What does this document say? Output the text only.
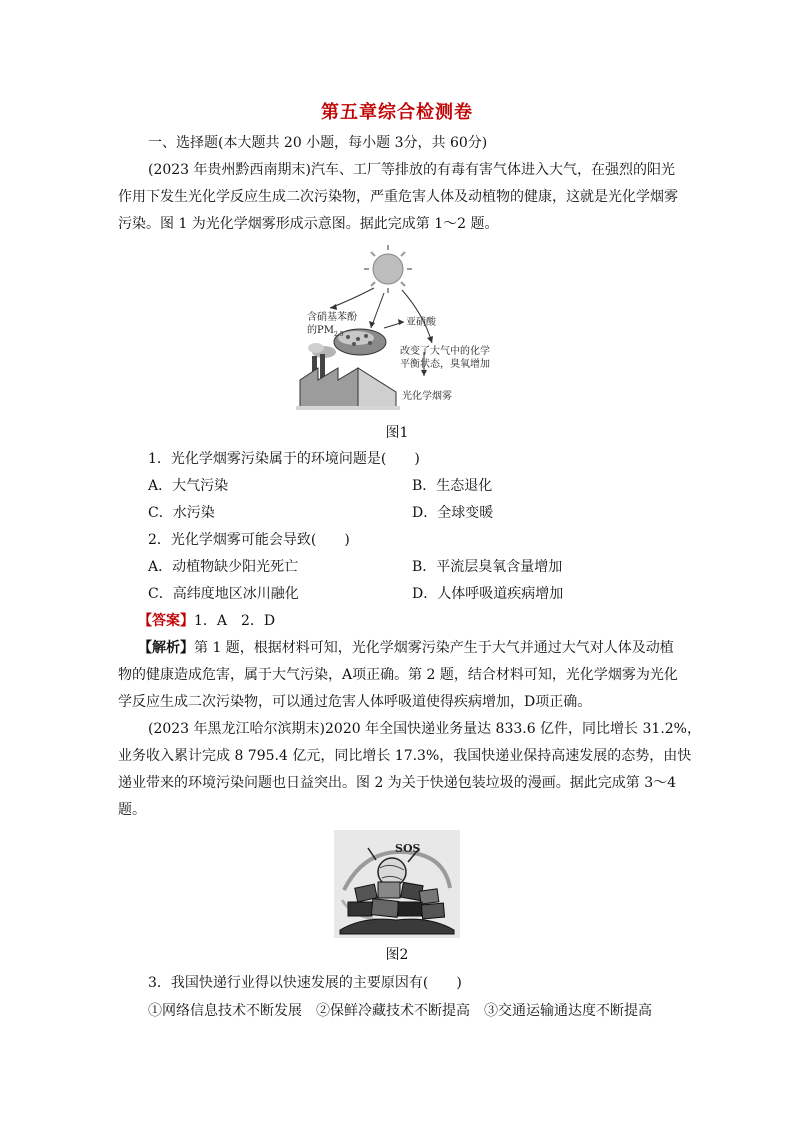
第五章综合检测卷
一、选择题(本大题共 20 小题，每小题 3分，共 60分)
(2023 年贵州黔西南期末)汽车、工厂等排放的有毒有害气体进入大气，在强烈的阳光
作用下发生光化学反应生成二次污染物，严重危害人体及动植物的健康，这就是光化学烟雾
污染。图 1 为光化学烟雾形成示意图。据此完成第 1～2 题。
含硝基苯酚
的$PM_{2.5}$
亚硝酸
改变了大气中的化学
平衡状态，臭氧增加
光化学烟雾
图1
1．光化学烟雾污染属于的环境问题是(　　)
A．大气污染	B．生态退化
C．水污染	D．全球变暖
2．光化学烟雾可能会导致(　　)
A．动植物缺少阳光死亡	B．平流层臭氧含量增加
C．高纬度地区冰川融化	D．人体呼吸道疾病增加
【答案】1．A　2．D
【解析】第 1 题，根据材料可知，光化学烟雾污染产生于大气并通过大气对人体及动植
物的健康造成危害，属于大气污染，A项正确。第 2 题，结合材料可知，光化学烟雾为光化
学反应生成二次污染物，可以通过危害人体呼吸道使得疾病增加，D项正确。
(2023 年黑龙江哈尔滨期末)2020 年全国快递业务量达 833.6 亿件，同比增长 31.2%，
业务收入累计完成 8 795.4 亿元，同比增长 17.3%，我国快递业保持高速发展的态势，由快
递业带来的环境污染问题也日益突出。图 2 为关于快递包装垃圾的漫画。据此完成第 3～4
题。
SOS
图2
3．我国快递行业得以快速发展的主要原因有(　　)
①网络信息技术不断发展　②保鲜冷藏技术不断提高　③交通运输通达度不断提高
